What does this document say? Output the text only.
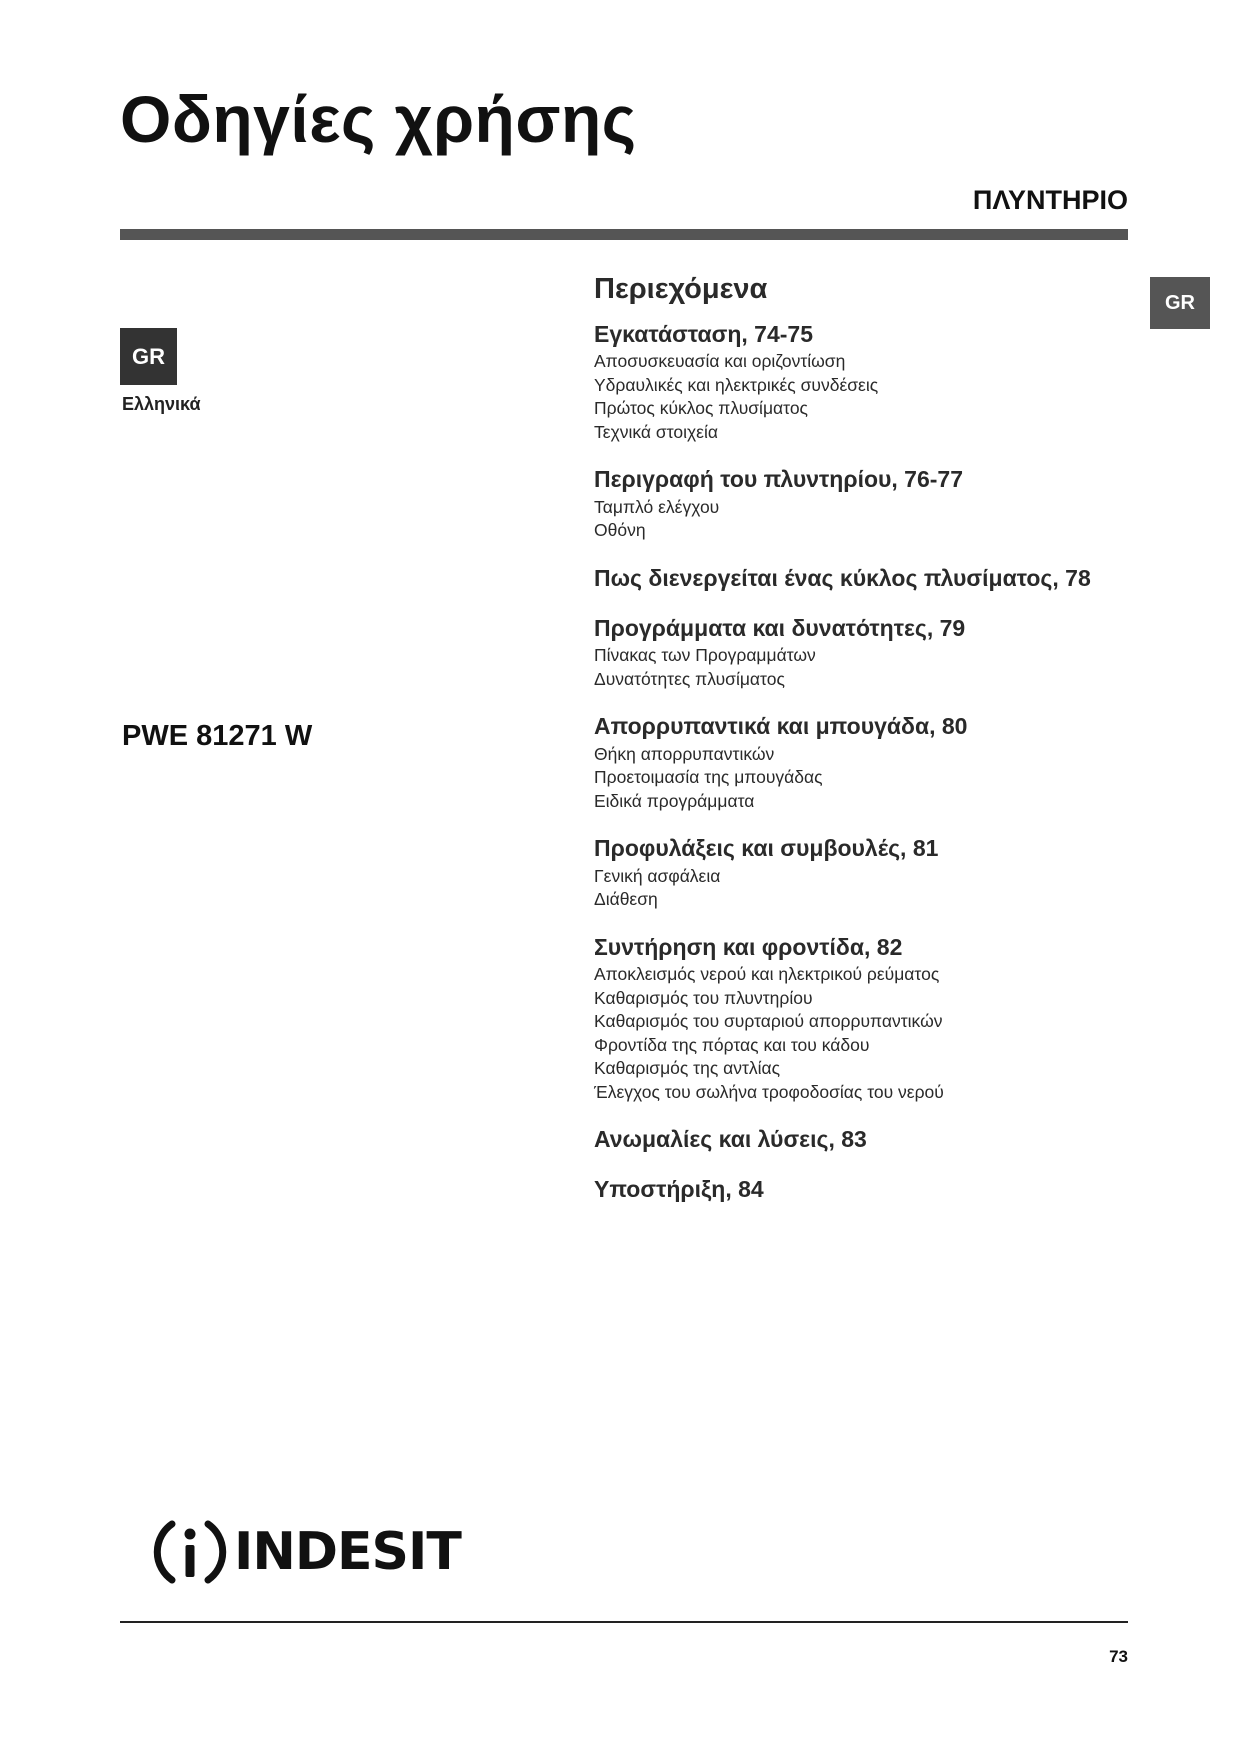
Οδηγίες χρήσης
ΠΛΥΝΤΗΡΙΟ
GR
Ελληνικά
GR
PWE 81271 W
Περιεχόμενα
Εγκατάσταση, 74-75
Αποσυσκευασία και οριζοντίωση
Υδραυλικές και ηλεκτρικές συνδέσεις
Πρώτος κύκλος πλυσίματος
Τεχνικά στοιχεία
Περιγραφή του πλυντηρίου, 76-77
Ταμπλό ελέγχου
Οθόνη
Πως διενεργείται ένας κύκλος πλυσίματος, 78
Προγράμματα και δυνατότητες, 79
Πίνακας των Προγραμμάτων
Δυνατότητες πλυσίματος
Απορρυπαντικά και μπουγάδα, 80
Θήκη απορρυπαντικών
Προετοιμασία της μπουγάδας
Ειδικά προγράμματα
Προφυλάξεις και συμβουλές, 81
Γενική ασφάλεια
Διάθεση
Συντήρηση και φροντίδα, 82
Αποκλεισμός νερού και ηλεκτρικού ρεύματος
Καθαρισμός του πλυντηρίου
Καθαρισμός του συρταριού απορρυπαντικών
Φροντίδα της πόρτας και του κάδου
Καθαρισμός της αντλίας
Έλεγχος του σωλήνα τροφοδοσίας του νερού
Ανωμαλίες και λύσεις, 83
Υποστήριξη, 84
INDESIT
73
